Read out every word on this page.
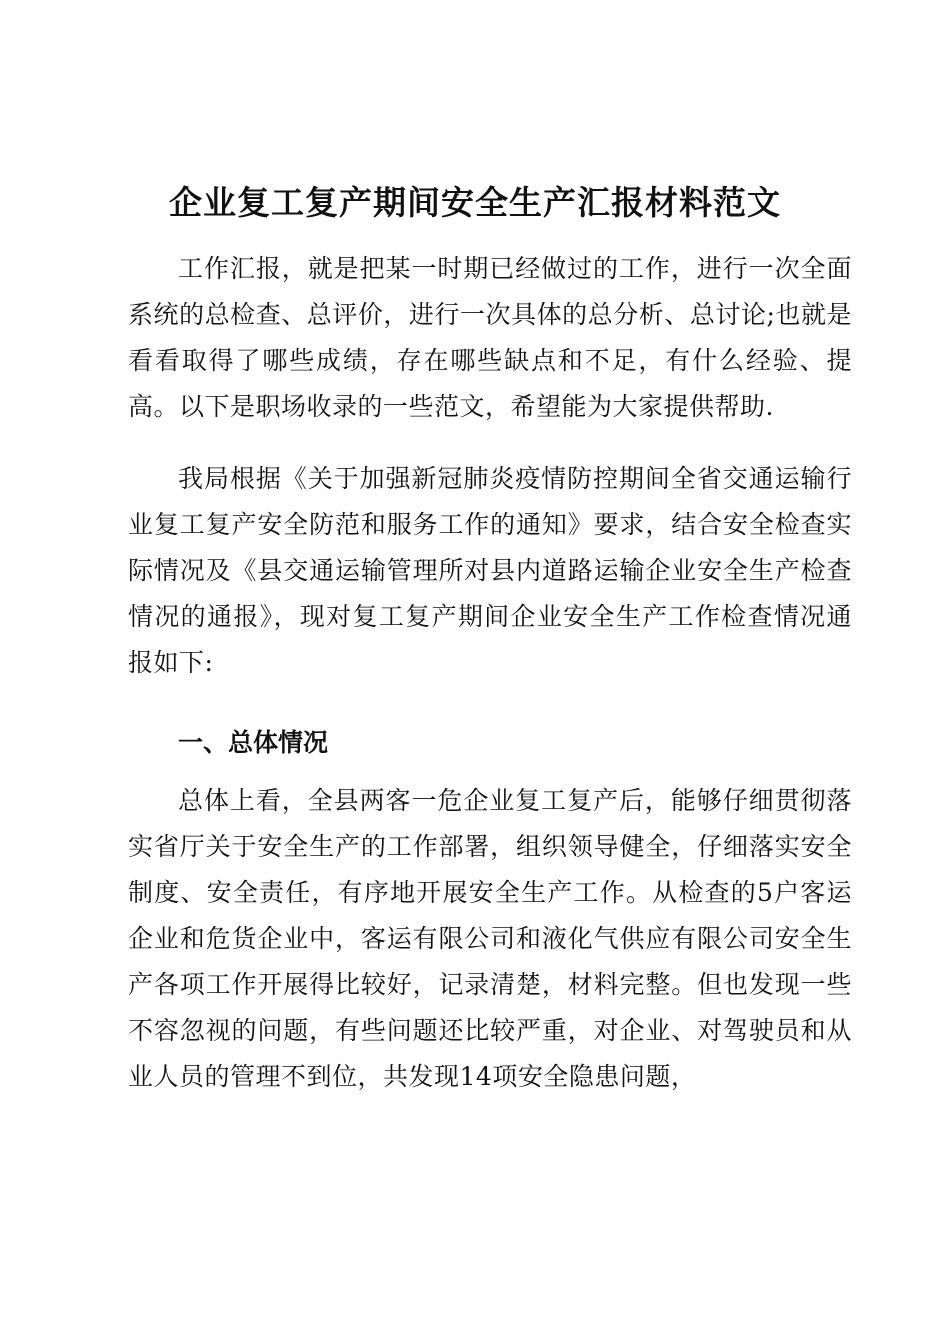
企业复工复产期间安全生产汇报材料范文

工作汇报，就是把某一时期已经做过的工作，进行一次全面系统的总检查、总评价，进行一次具体的总分析、总讨论;也就是看看取得了哪些成绩，存在哪些缺点和不足，有什么经验、提高。以下是职场收录的一些范文，希望能为大家提供帮助.

我局根据《关于加强新冠肺炎疫情防控期间全省交通运输行业复工复产安全防范和服务工作的通知》要求，结合安全检查实际情况及《县交通运输管理所对县内道路运输企业安全生产检查情况的通报》，现对复工复产期间企业安全生产工作检查情况通报如下:

一、总体情况

总体上看，全县两客一危企业复工复产后，能够仔细贯彻落实省厅关于安全生产的工作部署，组织领导健全，仔细落实安全制度、安全责任，有序地开展安全生产工作。从检查的5户客运企业和危货企业中，客运有限公司和液化气供应有限公司安全生产各项工作开展得比较好，记录清楚，材料完整。但也发现一些不容忽视的问题，有些问题还比较严重，对企业、对驾驶员和从业人员的管理不到位，共发现14项安全隐患问题，
